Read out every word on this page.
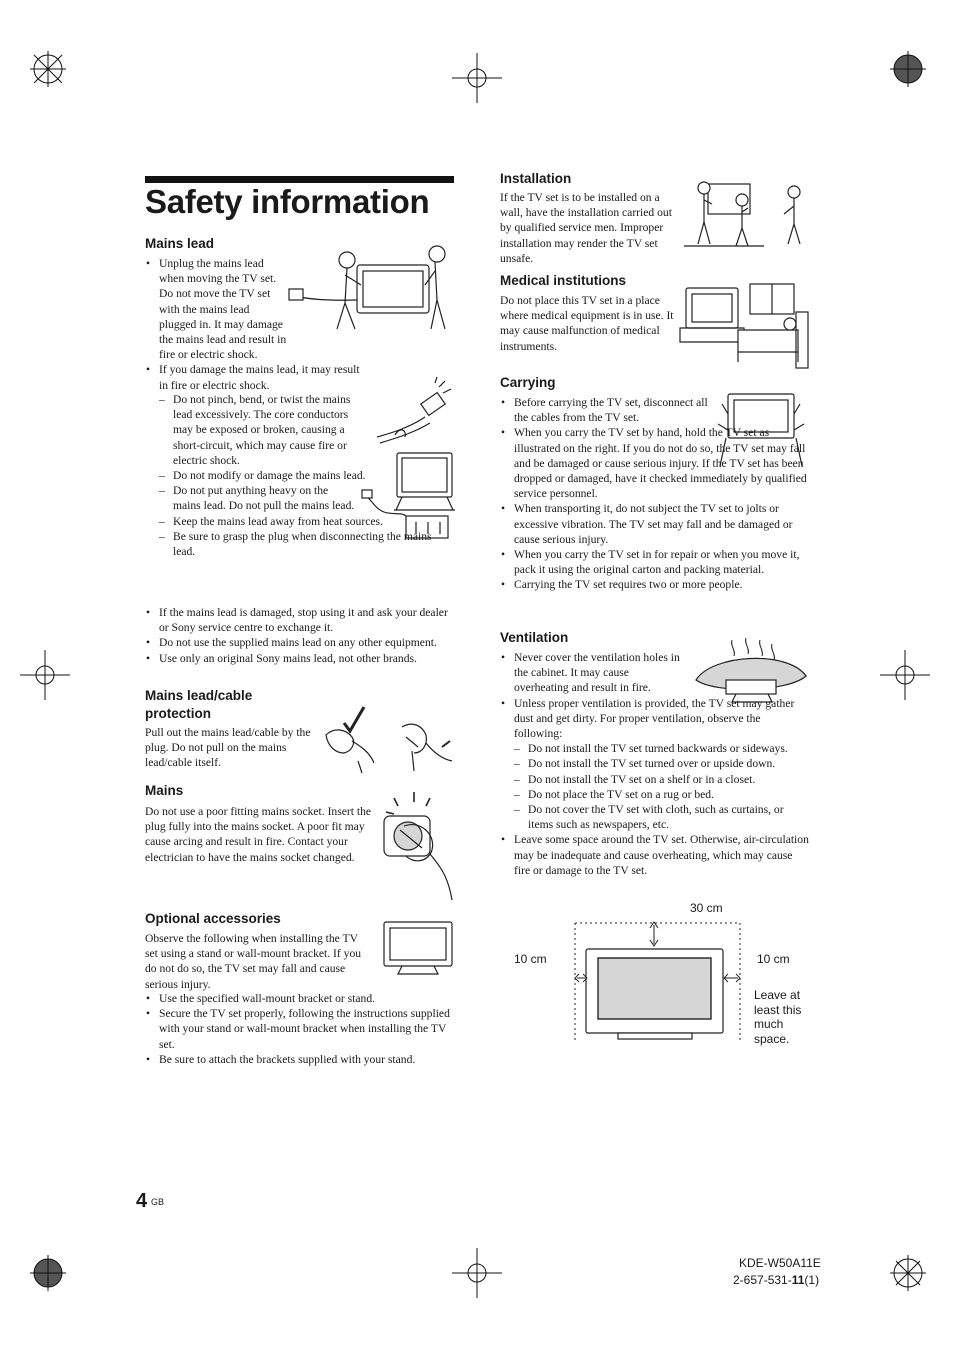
Safety information
Mains lead
• Unplug the mains lead when moving the TV set. Do not move the TV set with the mains lead plugged in. It may damage the mains lead and result in fire or electric shock.
• If you damage the mains lead, it may result in fire or electric shock.
– Do not pinch, bend, or twist the mains lead excessively. The core conductors may be exposed or broken, causing a short-circuit, which may cause fire or electric shock.
– Do not modify or damage the mains lead.
– Do not put anything heavy on the mains lead. Do not pull the mains lead.
– Keep the mains lead away from heat sources.
– Be sure to grasp the plug when disconnecting the mains lead.
• If the mains lead is damaged, stop using it and ask your dealer or Sony service centre to exchange it.
• Do not use the supplied mains lead on any other equipment.
• Use only an original Sony mains lead, not other brands.
Mains lead/cable
protection
Pull out the mains lead/cable by the plug. Do not pull on the mains lead/cable itself.
Mains
Do not use a poor fitting mains socket. Insert the plug fully into the mains socket. A poor fit may cause arcing and result in fire. Contact your electrician to have the mains socket changed.
Optional accessories
Observe the following when installing the TV set using a stand or wall-mount bracket. If you do not do so, the TV set may fall and cause serious injury.
• Use the specified wall-mount bracket or stand.
• Secure the TV set properly, following the instructions supplied with your stand or wall-mount bracket when installing the TV set.
• Be sure to attach the brackets supplied with your stand.
Installation
If the TV set is to be installed on a wall, have the installation carried out by qualified service men. Improper installation may render the TV set unsafe.
Medical institutions
Do not place this TV set in a place where medical equipment is in use. It may cause malfunction of medical instruments.
Carrying
• Before carrying the TV set, disconnect all the cables from the TV set.
• When you carry the TV set by hand, hold the TV set as illustrated on the right. If you do not do so, the TV set may fall and be damaged or cause serious injury. If the TV set has been dropped or damaged, have it checked immediately by qualified service personnel.
• When transporting it, do not subject the TV set to jolts or excessive vibration. The TV set may fall and be damaged or cause serious injury.
• When you carry the TV set in for repair or when you move it, pack it using the original carton and packing material.
• Carrying the TV set requires two or more people.
Ventilation
• Never cover the ventilation holes in the cabinet. It may cause overheating and result in fire.
• Unless proper ventilation is provided, the TV set may gather dust and get dirty. For proper ventilation, observe the following:
– Do not install the TV set turned backwards or sideways.
– Do not install the TV set turned over or upside down.
– Do not install the TV set on a shelf or in a closet.
– Do not place the TV set on a rug or bed.
– Do not cover the TV set with cloth, such as curtains, or items such as newspapers, etc.
• Leave some space around the TV set. Otherwise, air-circulation may be inadequate and cause overheating, which may cause fire or damage to the TV set.
30 cm
10 cm	10 cm
Leave at least this much space.
4 GB
KDE-W50A11E
2-657-531-11(1)
